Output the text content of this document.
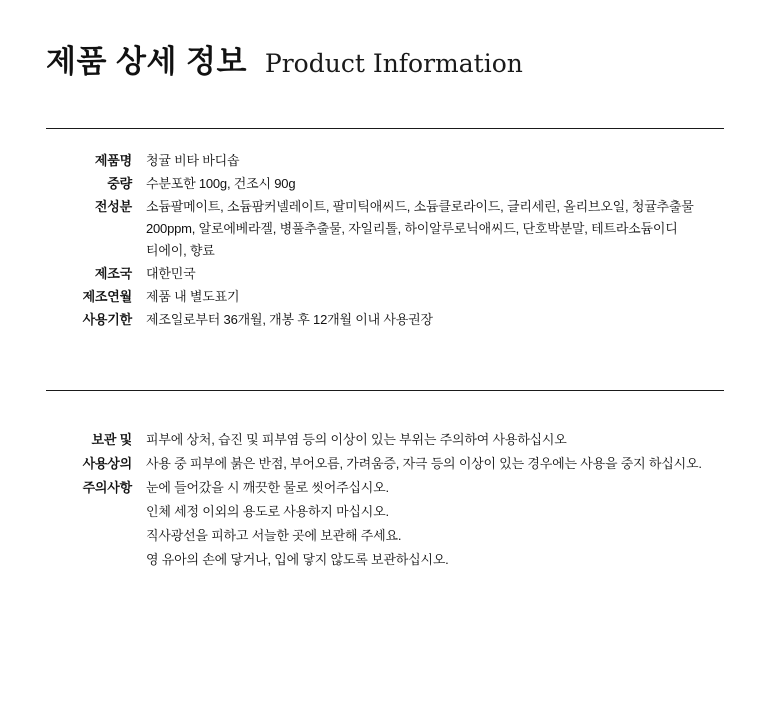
제품 상세 정보 Product Information
제품명 청귤 비타 바디솝
중량 수분포한 100g, 건조시 90g
전성분 소듐팔메이트, 소듐팜커넬레이트, 팔미틱애씨드, 소듐클로라이드, 글리세린, 올리브오일, 청귤추출물
200ppm, 알로에베라겔, 병풀추출물, 자일리톨, 하이알루로닉애씨드, 단호박분말, 테트라소듐이디
티에이, 향료
제조국 대한민국
제조연월 제품 내 별도표기
사용기한 제조일로부터 36개월, 개봉 후 12개월 이내 사용권장
보관 및
사용상의
주의사항
피부에 상처, 습진 및 피부염 등의 이상이 있는 부위는 주의하여 사용하십시오
사용 중 피부에 붉은 반점, 부어오름, 가려움증, 자극 등의 이상이 있는 경우에는 사용을 중지 하십시오.
눈에 들어갔을 시 깨끗한 물로 씻어주십시오.
인체 세정 이외의 용도로 사용하지 마십시오.
직사광선을 피하고 서늘한 곳에 보관해 주세요.
영 유아의 손에 닿거나, 입에 닿지 않도록 보관하십시오.
